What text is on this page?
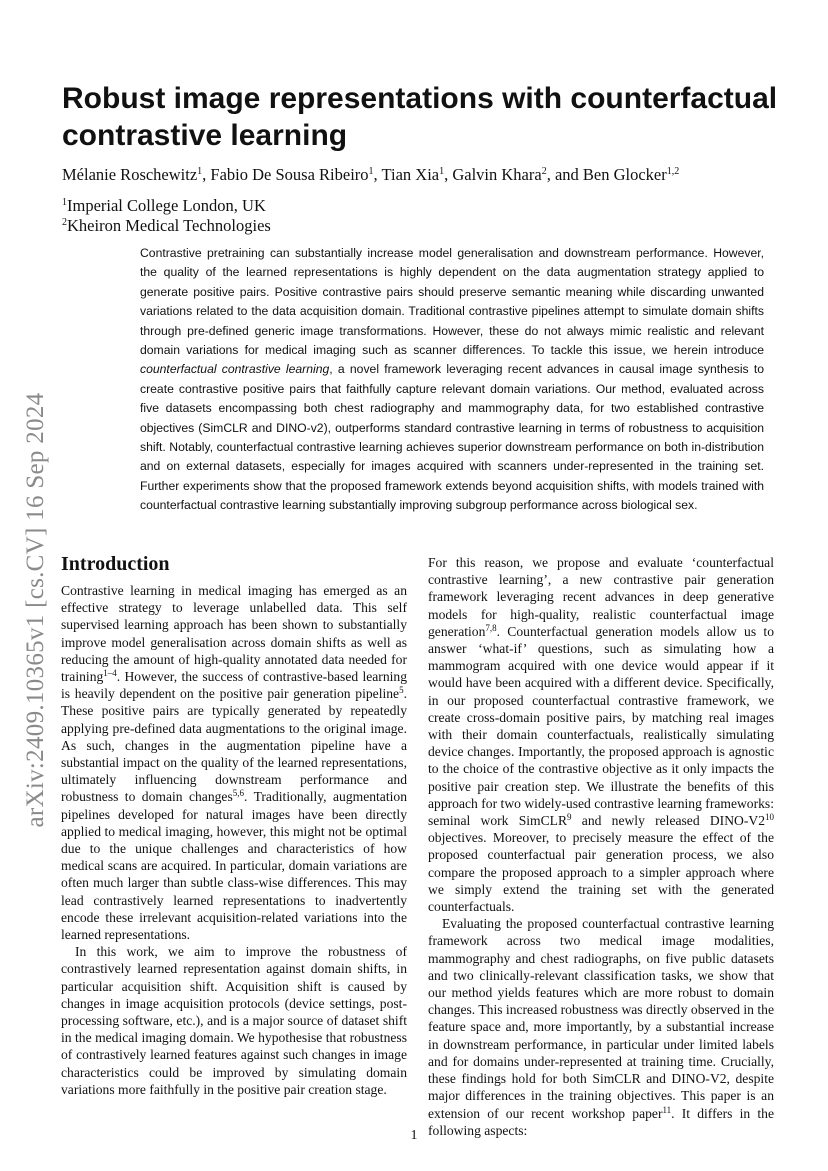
arXiv:2409.10365v1 [cs.CV] 16 Sep 2024
Robust image representations with counterfactual contrastive learning
Mélanie Roschewitz$^1$, Fabio De Sousa Ribeiro$^1$, Tian Xia$^1$, Galvin Khara$^2$, and Ben Glocker$^{1,2}$
$^1$Imperial College London, UK
$^2$Kheiron Medical Technologies

Contrastive pretraining can substantially increase model generalisation and downstream performance. However, the quality of the learned representations is highly dependent on the data augmentation strategy applied to generate positive pairs. Positive contrastive pairs should preserve semantic meaning while discarding unwanted variations related to the data acquisition domain. Traditional contrastive pipelines attempt to simulate domain shifts through pre-defined generic image transformations. However, these do not always mimic realistic and relevant domain variations for medical imaging such as scanner differences. To tackle this issue, we herein introduce counterfactual contrastive learning, a novel framework leveraging recent advances in causal image synthesis to create contrastive positive pairs that faithfully capture relevant domain variations. Our method, evaluated across five datasets encompassing both chest radiography and mammography data, for two established contrastive objectives (SimCLR and DINO-v2), outperforms standard contrastive learning in terms of robustness to acquisition shift. Notably, counterfactual contrastive learning achieves superior downstream performance on both in-distribution and on external datasets, especially for images acquired with scanners under-represented in the training set. Further experiments show that the proposed framework extends beyond acquisition shifts, with models trained with counterfactual contrastive learning substantially improving subgroup performance across biological sex.

Introduction

Contrastive learning in medical imaging has emerged as an effective strategy to leverage unlabelled data. This self supervised learning approach has been shown to substantially improve model generalisation across domain shifts as well as reducing the amount of high-quality annotated data needed for training$^{1-4}$. However, the success of contrastive-based learning is heavily dependent on the positive pair generation pipeline$^5$. These positive pairs are typically generated by repeatedly applying pre-defined data augmentations to the original image. As such, changes in the augmentation pipeline have a substantial impact on the quality of the learned representations, ultimately influencing downstream performance and robustness to domain changes$^{5,6}$. Traditionally, augmentation pipelines developed for natural images have been directly applied to medical imaging, however, this might not be optimal due to the unique challenges and characteristics of how medical scans are acquired. In particular, domain variations are often much larger than subtle class-wise differences. This may lead contrastively learned representations to inadvertently encode these irrelevant acquisition-related variations into the learned representations.

In this work, we aim to improve the robustness of contrastively learned representation against domain shifts, in particular acquisition shift. Acquisition shift is caused by changes in image acquisition protocols (device settings, post-processing software, etc.), and is a major source of dataset shift in the medical imaging domain. We hypothesise that robustness of contrastively learned features against such changes in image characteristics could be improved by simulating domain variations more faithfully in the positive pair creation stage.

For this reason, we propose and evaluate ‘counterfactual contrastive learning’, a new contrastive pair generation framework leveraging recent advances in deep generative models for high-quality, realistic counterfactual image generation$^{7,8}$. Counterfactual generation models allow us to answer ‘what-if’ questions, such as simulating how a mammogram acquired with one device would appear if it would have been acquired with a different device. Specifically, in our proposed counterfactual contrastive framework, we create cross-domain positive pairs, by matching real images with their domain counterfactuals, realistically simulating device changes. Importantly, the proposed approach is agnostic to the choice of the contrastive objective as it only impacts the positive pair creation step. We illustrate the benefits of this approach for two widely-used contrastive learning frameworks: seminal work SimCLR$^9$ and newly released DINO-V2$^{10}$ objectives. Moreover, to precisely measure the effect of the proposed counterfactual pair generation process, we also compare the proposed approach to a simpler approach where we simply extend the training set with the generated counterfactuals.

Evaluating the proposed counterfactual contrastive learning framework across two medical image modalities, mammography and chest radiographs, on five public datasets and two clinically-relevant classification tasks, we show that our method yields features which are more robust to domain changes. This increased robustness was directly observed in the feature space and, more importantly, by a substantial increase in downstream performance, in particular under limited labels and for domains under-represented at training time. Crucially, these findings hold for both SimCLR and DINO-V2, despite major differences in the training objectives. This paper is an extension of our recent workshop paper$^{11}$. It differs in the following aspects:

1
